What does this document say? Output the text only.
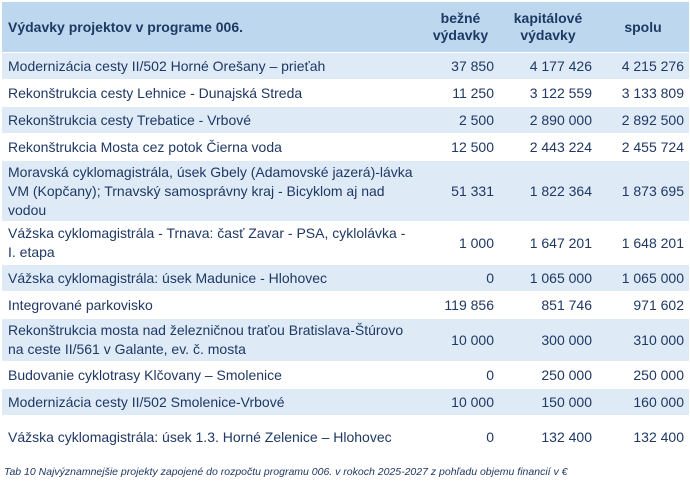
Výdavky projektov v programe 006.	bežné výdavky	kapitálové výdavky	spolu
Modernizácia cesty II/502 Horné Orešany – prieťah	37 850	4 177 426	4 215 276
Rekonštrukcia cesty Lehnice - Dunajská Streda	11 250	3 122 559	3 133 809
Rekonštrukcia cesty Trebatice - Vrbové	2 500	2 890 000	2 892 500
Rekonštrukcia Mosta cez potok Čierna voda	12 500	2 443 224	2 455 724
Moravská cyklomagistrála, úsek Gbely (Adamovské jazerá)-lávka VM (Kopčany); Trnavský samosprávny kraj - Bicyklom aj nad vodou	51 331	1 822 364	1 873 695
Vážska cyklomagistrála - Trnava: časť Zavar - PSA, cyklolávka - I. etapa	1 000	1 647 201	1 648 201
Vážska cyklomagistrála: úsek Madunice - Hlohovec	0	1 065 000	1 065 000
Integrované parkovisko	119 856	851 746	971 602
Rekonštrukcia mosta nad železničnou traťou Bratislava-Štúrovo na ceste II/561 v Galante, ev. č. mosta	10 000	300 000	310 000
Budovanie cyklotrasy Klčovany – Smolenice	0	250 000	250 000
Modernizácia cesty II/502 Smolenice-Vrbové	10 000	150 000	160 000
Vážska cyklomagistrála: úsek 1.3. Horné Zelenice – Hlohovec	0	132 400	132 400
Tab 10 Najvýznamnejšie projekty zapojené do rozpočtu programu 006. v rokoch 2025-2027 z pohľadu objemu financií v €
